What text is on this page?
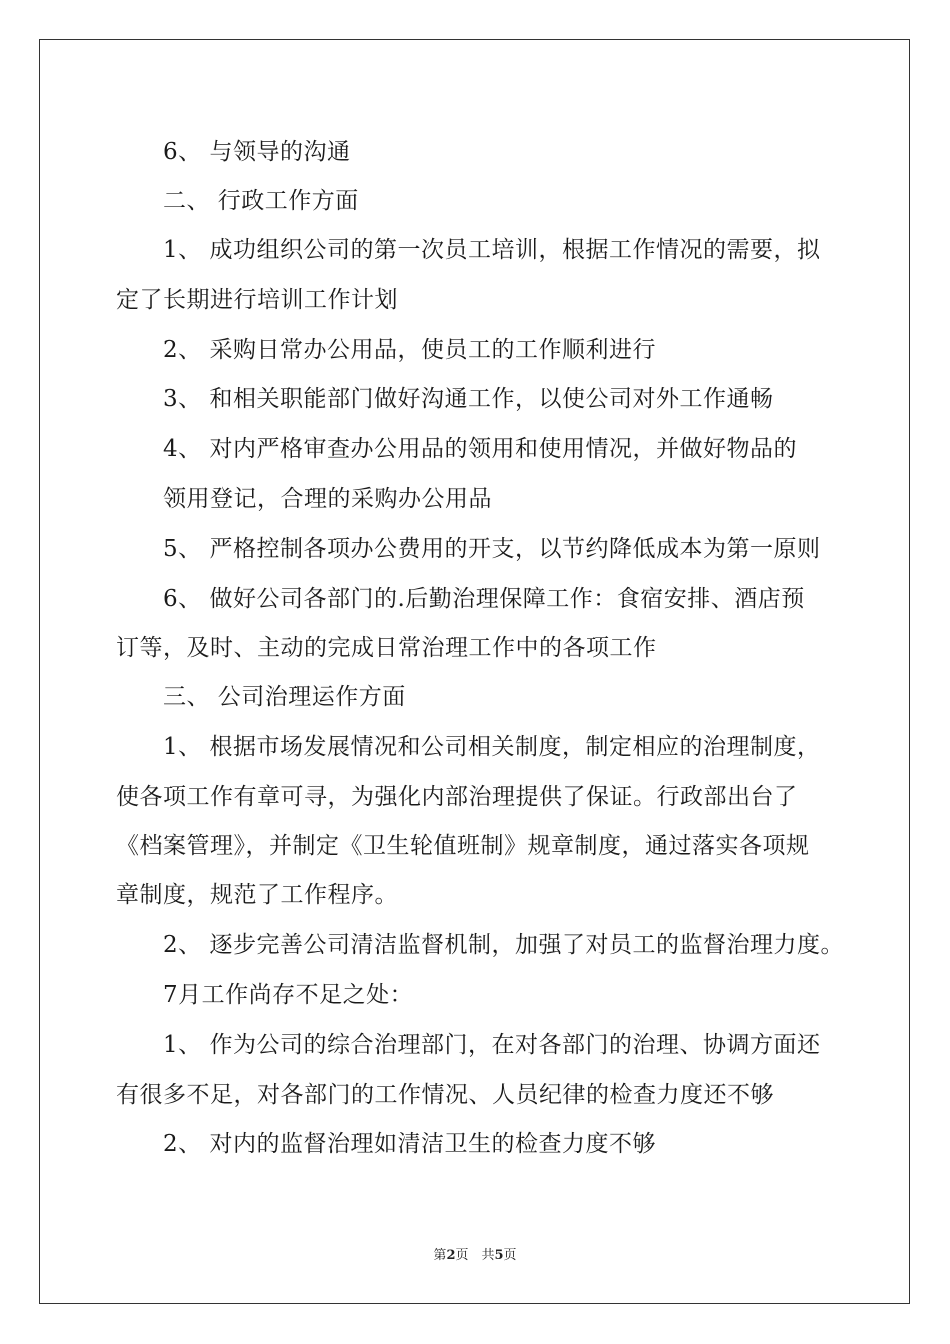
6、 与领导的沟通
二、 行政工作方面
1、 成功组织公司的第一次员工培训，根据工作情况的需要，拟
定了长期进行培训工作计划
2、 采购日常办公用品，使员工的工作顺利进行
3、 和相关职能部门做好沟通工作，以使公司对外工作通畅
4、 对内严格审查办公用品的领用和使用情况，并做好物品的
领用登记，合理的采购办公用品
5、 严格控制各项办公费用的开支，以节约降低成本为第一原则
6、 做好公司各部门的.后勤治理保障工作：食宿安排、酒店预
订等，及时、主动的完成日常治理工作中的各项工作
三、 公司治理运作方面
1、 根据市场发展情况和公司相关制度，制定相应的治理制度，
使各项工作有章可寻，为强化内部治理提供了保证。行政部出台了
《档案管理》，并制定《卫生轮值班制》规章制度，通过落实各项规
章制度，规范了工作程序。
2、 逐步完善公司清洁监督机制，加强了对员工的监督治理力度。
7月工作尚存不足之处：
1、 作为公司的综合治理部门，在对各部门的治理、协调方面还
有很多不足，对各部门的工作情况、人员纪律的检查力度还不够
2、 对内的监督治理如清洁卫生的检查力度不够
第2页　共5页
